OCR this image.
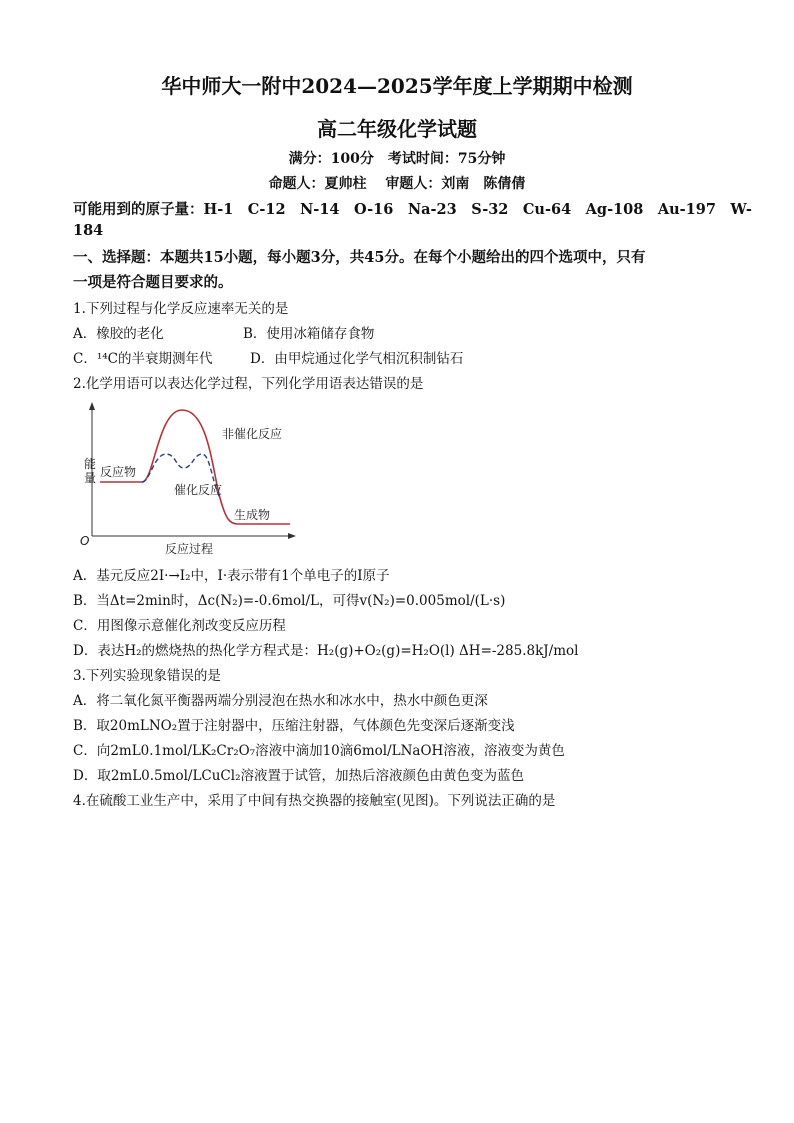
华中师大一附中2024—2025学年度上学期期中检测
高二年级化学试题
满分：100分　考试时间：75分钟
命题人：夏帅柱　 审题人：刘南　陈倩倩
可能用到的原子量：H-1　C-12　N-14　O-16　Na-23　S-32　Cu-64　Ag-108　Au-197　W-
184
一、选择题：本题共15小题，每小题3分，共45分。在每个小题给出的四个选项中，只有
一项是符合题目要求的。
1.下列过程与化学反应速率无关的是
A．橡胶的老化	B．使用冰箱储存食物
C．¹⁴C的半衰期测年代	D．由甲烷通过化学气相沉积制钻石
2.化学用语可以表达化学过程，下列化学用语表达错误的是
能量
O
反应过程
非催化反应
催化反应
反应物
生成物
A．基元反应2I·→I₂中，I·表示带有1个单电子的I原子
B．当Δt=2min时，Δc(N₂)=-0.6mol/L，可得v(N₂)=0.005mol/(L·s)
C．用图像示意催化剂改变反应历程
D．表达H₂的燃烧热的热化学方程式是：H₂(g)+O₂(g)=H₂O(l) ΔH=-285.8kJ/mol
3.下列实验现象错误的是
A．将二氧化氮平衡器两端分别浸泡在热水和冰水中，热水中颜色更深
B．取20mLNO₂置于注射器中，压缩注射器，气体颜色先变深后逐渐变浅
C．向2mL0.1mol/LK₂Cr₂O₇溶液中滴加10滴6mol/LNaOH溶液，溶液变为黄色
D．取2mL0.5mol/LCuCl₂溶液置于试管，加热后溶液颜色由黄色变为蓝色
4.在硫酸工业生产中，采用了中间有热交换器的接触室(见图)。下列说法正确的是
